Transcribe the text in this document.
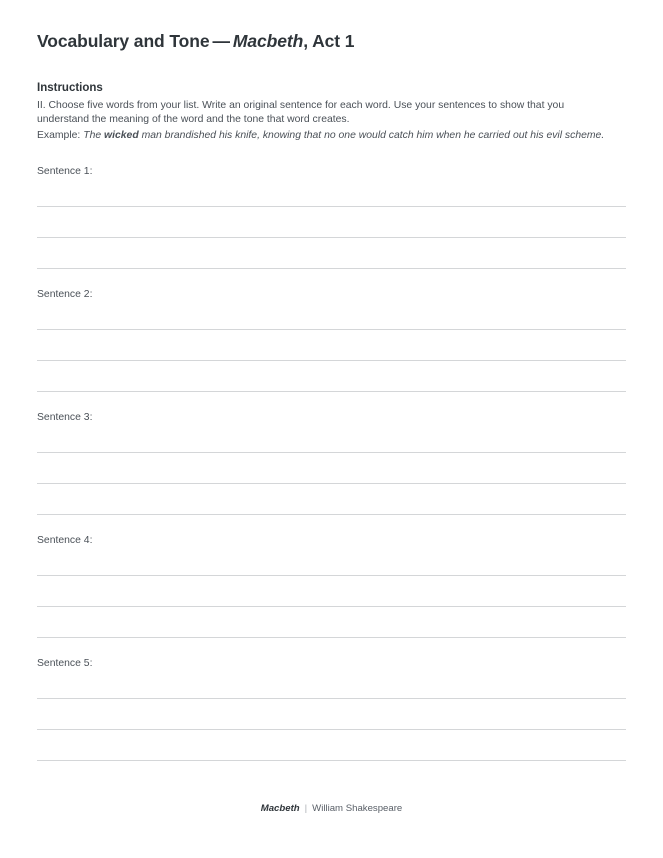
Vocabulary and Tone — Macbeth, Act 1
Instructions
II. Choose five words from your list. Write an original sentence for each word. Use your sentences to show that you understand the meaning of the word and the tone that word creates.
Example: The wicked man brandished his knife, knowing that no one would catch him when he carried out his evil scheme.
Sentence 1:
Sentence 2:
Sentence 3:
Sentence 4:
Sentence 5:
Macbeth | William Shakespeare
